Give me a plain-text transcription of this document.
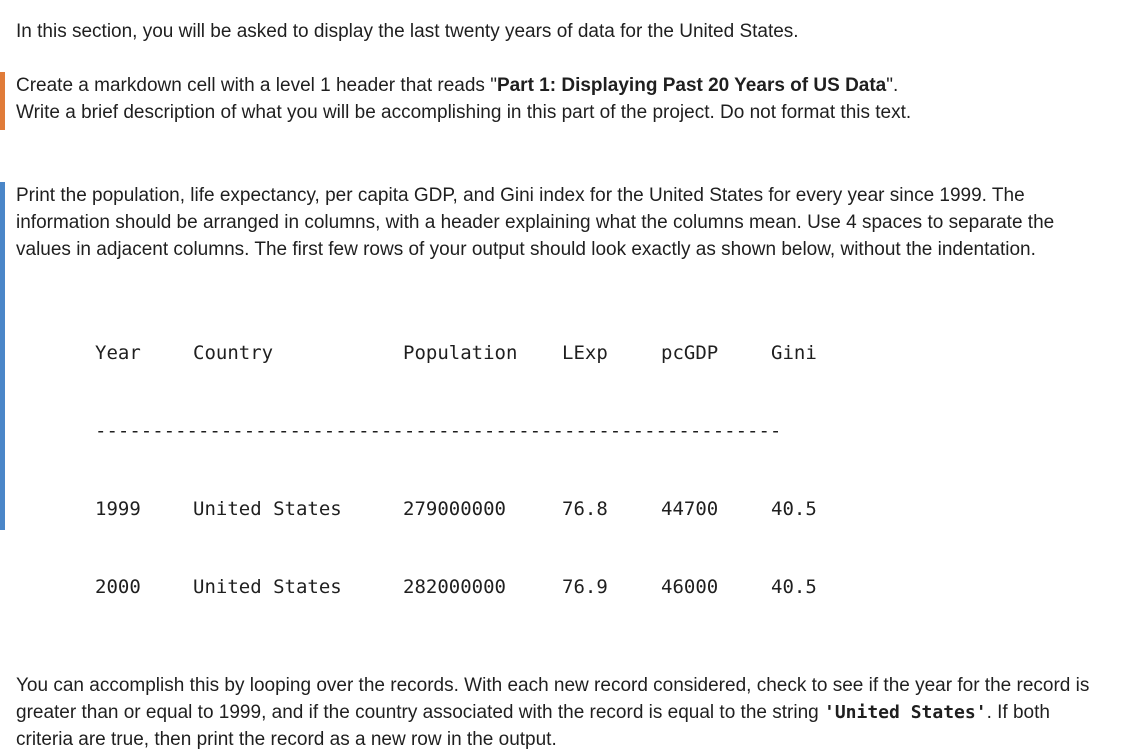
In this section, you will be asked to display the last twenty years of data for the United States.

Create a markdown cell with a level 1 header that reads "Part 1: Displaying Past 20 Years of US Data".

Write a brief description of what you will be accomplishing in this part of the project. Do not format this text.

Print the population, life expectancy, per capita GDP, and Gini index for the United States for every year since 1999. The information should be arranged in columns, with a header explaining what the columns mean. Use 4 spaces to separate the values in adjacent columns. The first few rows of your output should look exactly as shown below, without the indentation.

Year	Country	Population	LExp	pcGDP	Gini

------------------------------------------------------------

1999	United States	279000000	76.8	44700	40.5

2000	United States	282000000	76.9	46000	40.5

You can accomplish this by looping over the records. With each new record considered, check to see if the year for the record is greater than or equal to 1999, and if the country associated with the record is equal to the string 'United States'. If both criteria are true, then print the record as a new row in the output.
